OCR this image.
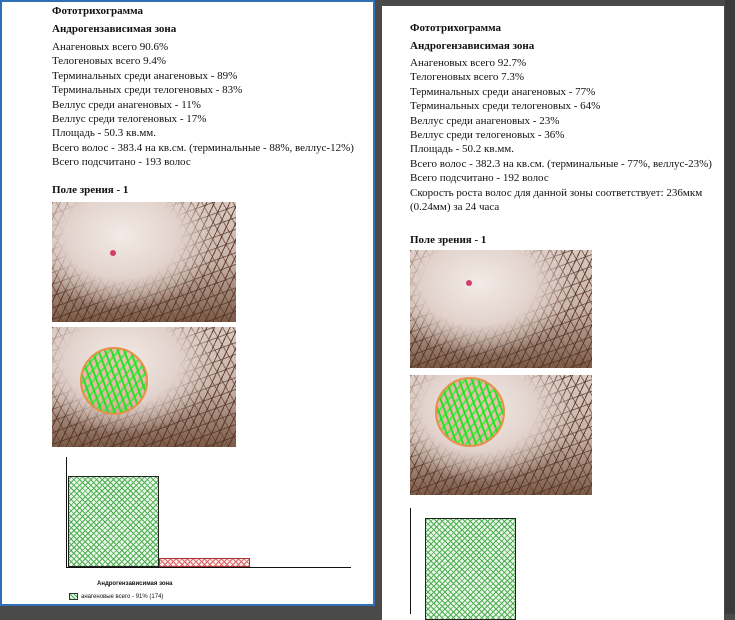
Фототрихограмма
Андрогензависимая зона
Анагеновых всего 90.6%
Телогеновых всего 9.4%
Терминальных среди анагеновых - 89%
Терминальных среди телогеновых - 83%
Веллус среди анагеновых - 11%
Веллус среди телогеновых - 17%
Площадь - 50.3 кв.мм.
Всего волос - 383.4 на кв.см. (терминальные - 88%, веллус-12%)
Всего подсчитано - 193 волос
Поле зрения - 1
Андрогензависимая зона
анагеновые всего - 91% (174)
Фототрихограмма
Андрогензависимая зона
Анагеновых всего 92.7%
Телогеновых всего 7.3%
Терминальных среди анагеновых - 77%
Терминальных среди телогеновых - 64%
Веллус среди анагеновых - 23%
Веллус среди телогеновых - 36%
Площадь - 50.2 кв.мм.
Всего волос - 382.3 на кв.см. (терминальные - 77%, веллус-23%)
Всего подсчитано - 192 волос
Скорость роста волос для данной зоны соответствует: 236мкм (0.24мм) за 24 часа
Поле зрения - 1
